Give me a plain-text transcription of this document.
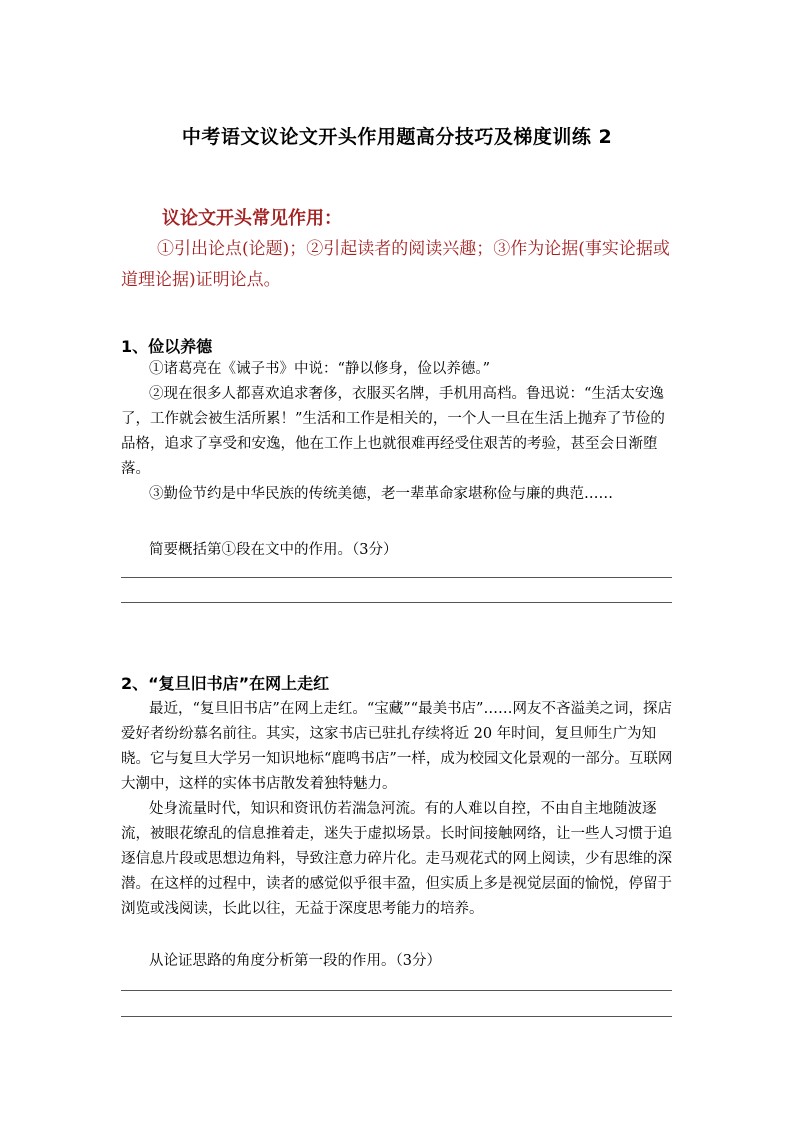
中考语文议论文开头作用题高分技巧及梯度训练 2
议论文开头常见作用：
①引出论点(论题)；②引起读者的阅读兴趣；③作为论据(事实论据或道理论据)证明论点。
1、俭以养德

①诸葛亮在《诫子书》中说：“静以修身，俭以养德。”

②现在很多人都喜欢追求奢侈，衣服买名牌，手机用高档。鲁迅说：“生活太安逸了，工作就会被生活所累！”生活和工作是相关的，一个人一旦在生活上抛弃了节俭的品格，追求了享受和安逸，他在工作上也就很难再经受住艰苦的考验，甚至会日渐堕落。

③勤俭节约是中华民族的传统美德，老一辈革命家堪称俭与廉的典范……

简要概括第①段在文中的作用。（3分）
2、“复旦旧书店”在网上走红

最近，“复旦旧书店”在网上走红。“宝藏”“最美书店”……网友不吝溢美之词，探店爱好者纷纷慕名前往。其实，这家书店已驻扎存续将近 20 年时间，复旦师生广为知晓。它与复旦大学另一知识地标“鹿鸣书店”一样，成为校园文化景观的一部分。互联网大潮中，这样的实体书店散发着独特魅力。

处身流量时代，知识和资讯仿若湍急河流。有的人难以自控，不由自主地随波逐流，被眼花缭乱的信息推着走，迷失于虚拟场景。长时间接触网络，让一些人习惯于追逐信息片段或思想边角料，导致注意力碎片化。走马观花式的网上阅读，少有思维的深潜。在这样的过程中，读者的感觉似乎很丰盈，但实质上多是视觉层面的愉悦，停留于浏览或浅阅读，长此以往，无益于深度思考能力的培养。

从论证思路的角度分析第一段的作用。（3分）
